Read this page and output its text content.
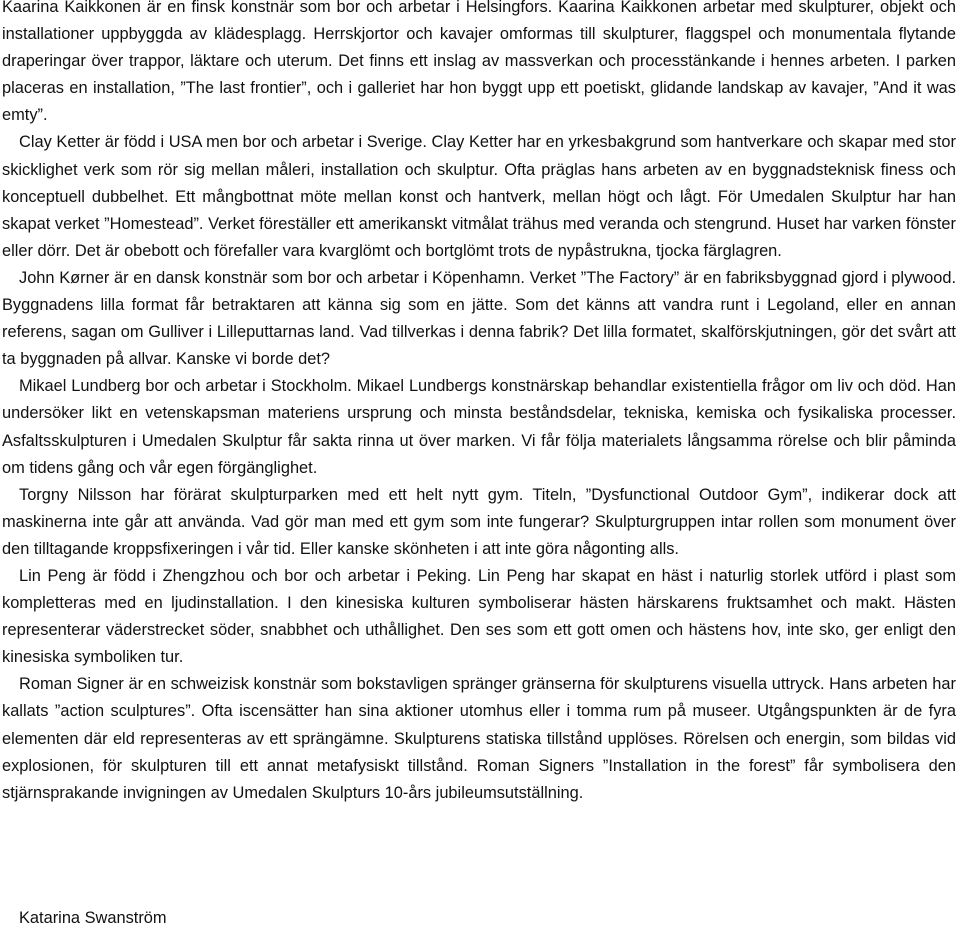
Kaarina Kaikkonen är en finsk konstnär som bor och arbetar i Helsingfors. Kaarina Kaikkonen arbetar med skulpturer, objekt och installationer uppbyggda av klädesplagg. Herrskjortor och kavajer omformas till skulpturer, flaggspel och monumentala flytande draperingar över trappor, läktare och uterum. Det finns ett inslag av massverkan och processtänkande i hennes arbeten. I parken placeras en installation, ”The last frontier”, och i galleriet har hon byggt upp ett poetiskt, glidande landskap av kavajer, ”And it was emty”.

Clay Ketter är född i USA men bor och arbetar i Sverige. Clay Ketter har en yrkesbakgrund som hantverkare och skapar med stor skicklighet verk som rör sig mellan måleri, installation och skulptur. Ofta präglas hans arbeten av en byggnadsteknisk finess och konceptuell dubbelhet. Ett mångbottnat möte mellan konst och hantverk, mellan högt och lågt. För Umedalen Skulptur har han skapat verket ”Homestead”. Verket föreställer ett amerikanskt vitmålat trähus med veranda och stengrund. Huset har varken fönster eller dörr. Det är obebott och förefaller vara kvarglömt och bortglömt trots de nypåstrukna, tjocka färglagren.

John Kørner är en dansk konstnär som bor och arbetar i Köpenhamn. Verket ”The Factory” är en fabriksbyggnad gjord i plywood. Byggnadens lilla format får betraktaren att känna sig som en jätte. Som det känns att vandra runt i Legoland, eller en annan referens, sagan om Gulliver i Lilleputtarnas land. Vad tillverkas i denna fabrik? Det lilla formatet, skalförskjutningen, gör det svårt att ta byggnaden på allvar. Kanske vi borde det?

Mikael Lundberg bor och arbetar i Stockholm. Mikael Lundbergs konstnärskap behandlar existentiella frågor om liv och död. Han undersöker likt en vetenskapsman materiens ursprung och minsta beståndsdelar, tekniska, kemiska och fysikaliska processer. Asfaltsskulpturen i Umedalen Skulptur får sakta rinna ut över marken. Vi får följa materialets långsamma rörelse och blir påminda om tidens gång och vår egen förgänglighet.

Torgny Nilsson har förärat skulpturparken med ett helt nytt gym. Titeln, ”Dysfunctional Outdoor Gym”, indikerar dock att maskinerna inte går att använda. Vad gör man med ett gym som inte fungerar? Skulpturgruppen intar rollen som monument över den tilltagande kroppsfixeringen i vår tid. Eller kanske skönheten i att inte göra någonting alls.

Lin Peng är född i Zhengzhou och bor och arbetar i Peking. Lin Peng har skapat en häst i naturlig storlek utförd i plast som kompletteras med en ljudinstallation. I den kinesiska kulturen symboliserar hästen härskarens fruktsamhet och makt. Hästen representerar väderstrecket söder, snabbhet och uthållighet. Den ses som ett gott omen och hästens hov, inte sko, ger enligt den kinesiska symboliken tur.

Roman Signer är en schweizisk konstnär som bokstavligen spränger gränserna för skulpturens visuella uttryck. Hans arbeten har kallats ”action sculptures”. Ofta iscensätter han sina aktioner utomhus eller i tomma rum på museer. Utgångspunkten är de fyra elementen där eld representeras av ett sprängämne. Skulpturens statiska tillstånd upplöses. Rörelsen och energin, som bildas vid explosionen, för skulpturen till ett annat metafysiskt tillstånd. Roman Signers ”Installation in the forest” får symbolisera den stjärnsprakande invigningen av Umedalen Skulpturs 10-års jubileumsutställning.

Katarina Swanström
